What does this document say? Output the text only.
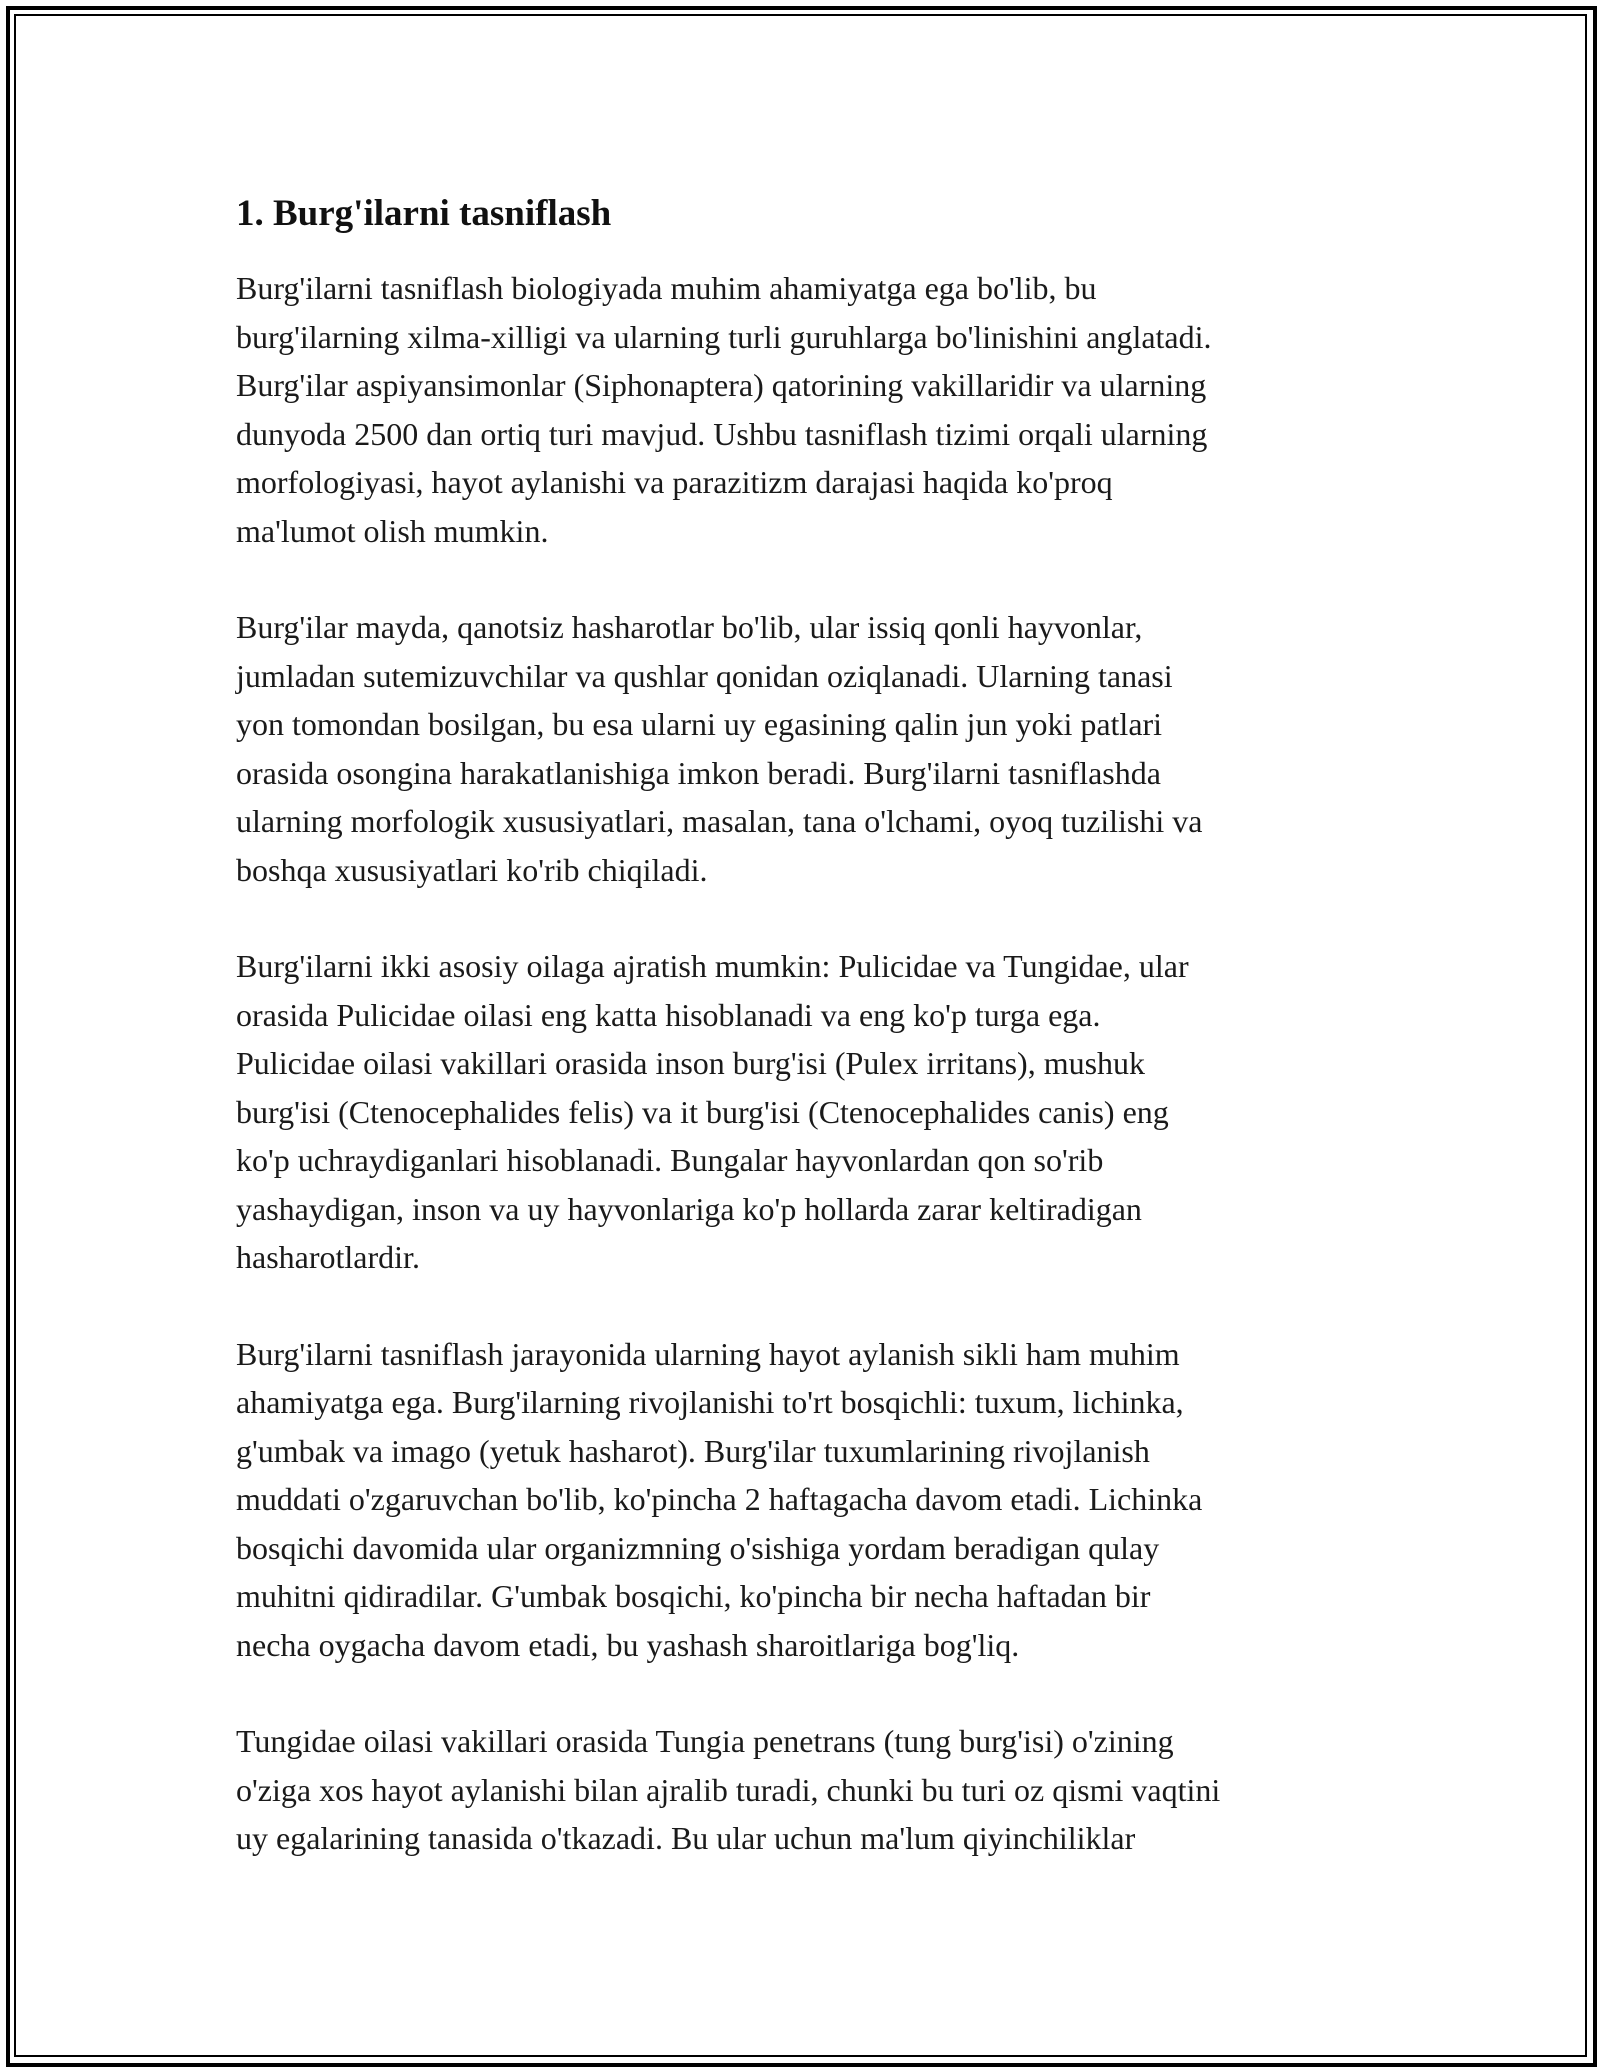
1. Burg'ilarni tasniflash

Burg'ilarni tasniflash biologiyada muhim ahamiyatga ega bo'lib, bu
burg'ilarning xilma-xilligi va ularning turli guruhlarga bo'linishini anglatadi.
Burg'ilar aspiyansimonlar (Siphonaptera) qatorining vakillaridir va ularning
dunyoda 2500 dan ortiq turi mavjud. Ushbu tasniflash tizimi orqali ularning
morfologiyasi, hayot aylanishi va parazitizm darajasi haqida ko'proq
ma'lumot olish mumkin.

Burg'ilar mayda, qanotsiz hasharotlar bo'lib, ular issiq qonli hayvonlar,
jumladan sutemizuvchilar va qushlar qonidan oziqlanadi. Ularning tanasi
yon tomondan bosilgan, bu esa ularni uy egasining qalin jun yoki patlari
orasida osongina harakatlanishiga imkon beradi. Burg'ilarni tasniflashda
ularning morfologik xususiyatlari, masalan, tana o'lchami, oyoq tuzilishi va
boshqa xususiyatlari ko'rib chiqiladi.

Burg'ilarni ikki asosiy oilaga ajratish mumkin: Pulicidae va Tungidae, ular
orasida Pulicidae oilasi eng katta hisoblanadi va eng ko'p turga ega.
Pulicidae oilasi vakillari orasida inson burg'isi (Pulex irritans), mushuk
burg'isi (Ctenocephalides felis) va it burg'isi (Ctenocephalides canis) eng
ko'p uchraydiganlari hisoblanadi. Bungalar hayvonlardan qon so'rib
yashaydigan, inson va uy hayvonlariga ko'p hollarda zarar keltiradigan
hasharotlardir.

Burg'ilarni tasniflash jarayonida ularning hayot aylanish sikli ham muhim
ahamiyatga ega. Burg'ilarning rivojlanishi to'rt bosqichli: tuxum, lichinka,
g'umbak va imago (yetuk hasharot). Burg'ilar tuxumlarining rivojlanish
muddati o'zgaruvchan bo'lib, ko'pincha 2 haftagacha davom etadi. Lichinka
bosqichi davomida ular organizmning o'sishiga yordam beradigan qulay
muhitni qidiradilar. G'umbak bosqichi, ko'pincha bir necha haftadan bir
necha oygacha davom etadi, bu yashash sharoitlariga bog'liq.

Tungidae oilasi vakillari orasida Tungia penetrans (tung burg'isi) o'zining
o'ziga xos hayot aylanishi bilan ajralib turadi, chunki bu turi oz qismi vaqtini
uy egalarining tanasida o'tkazadi. Bu ular uchun ma'lum qiyinchiliklar
